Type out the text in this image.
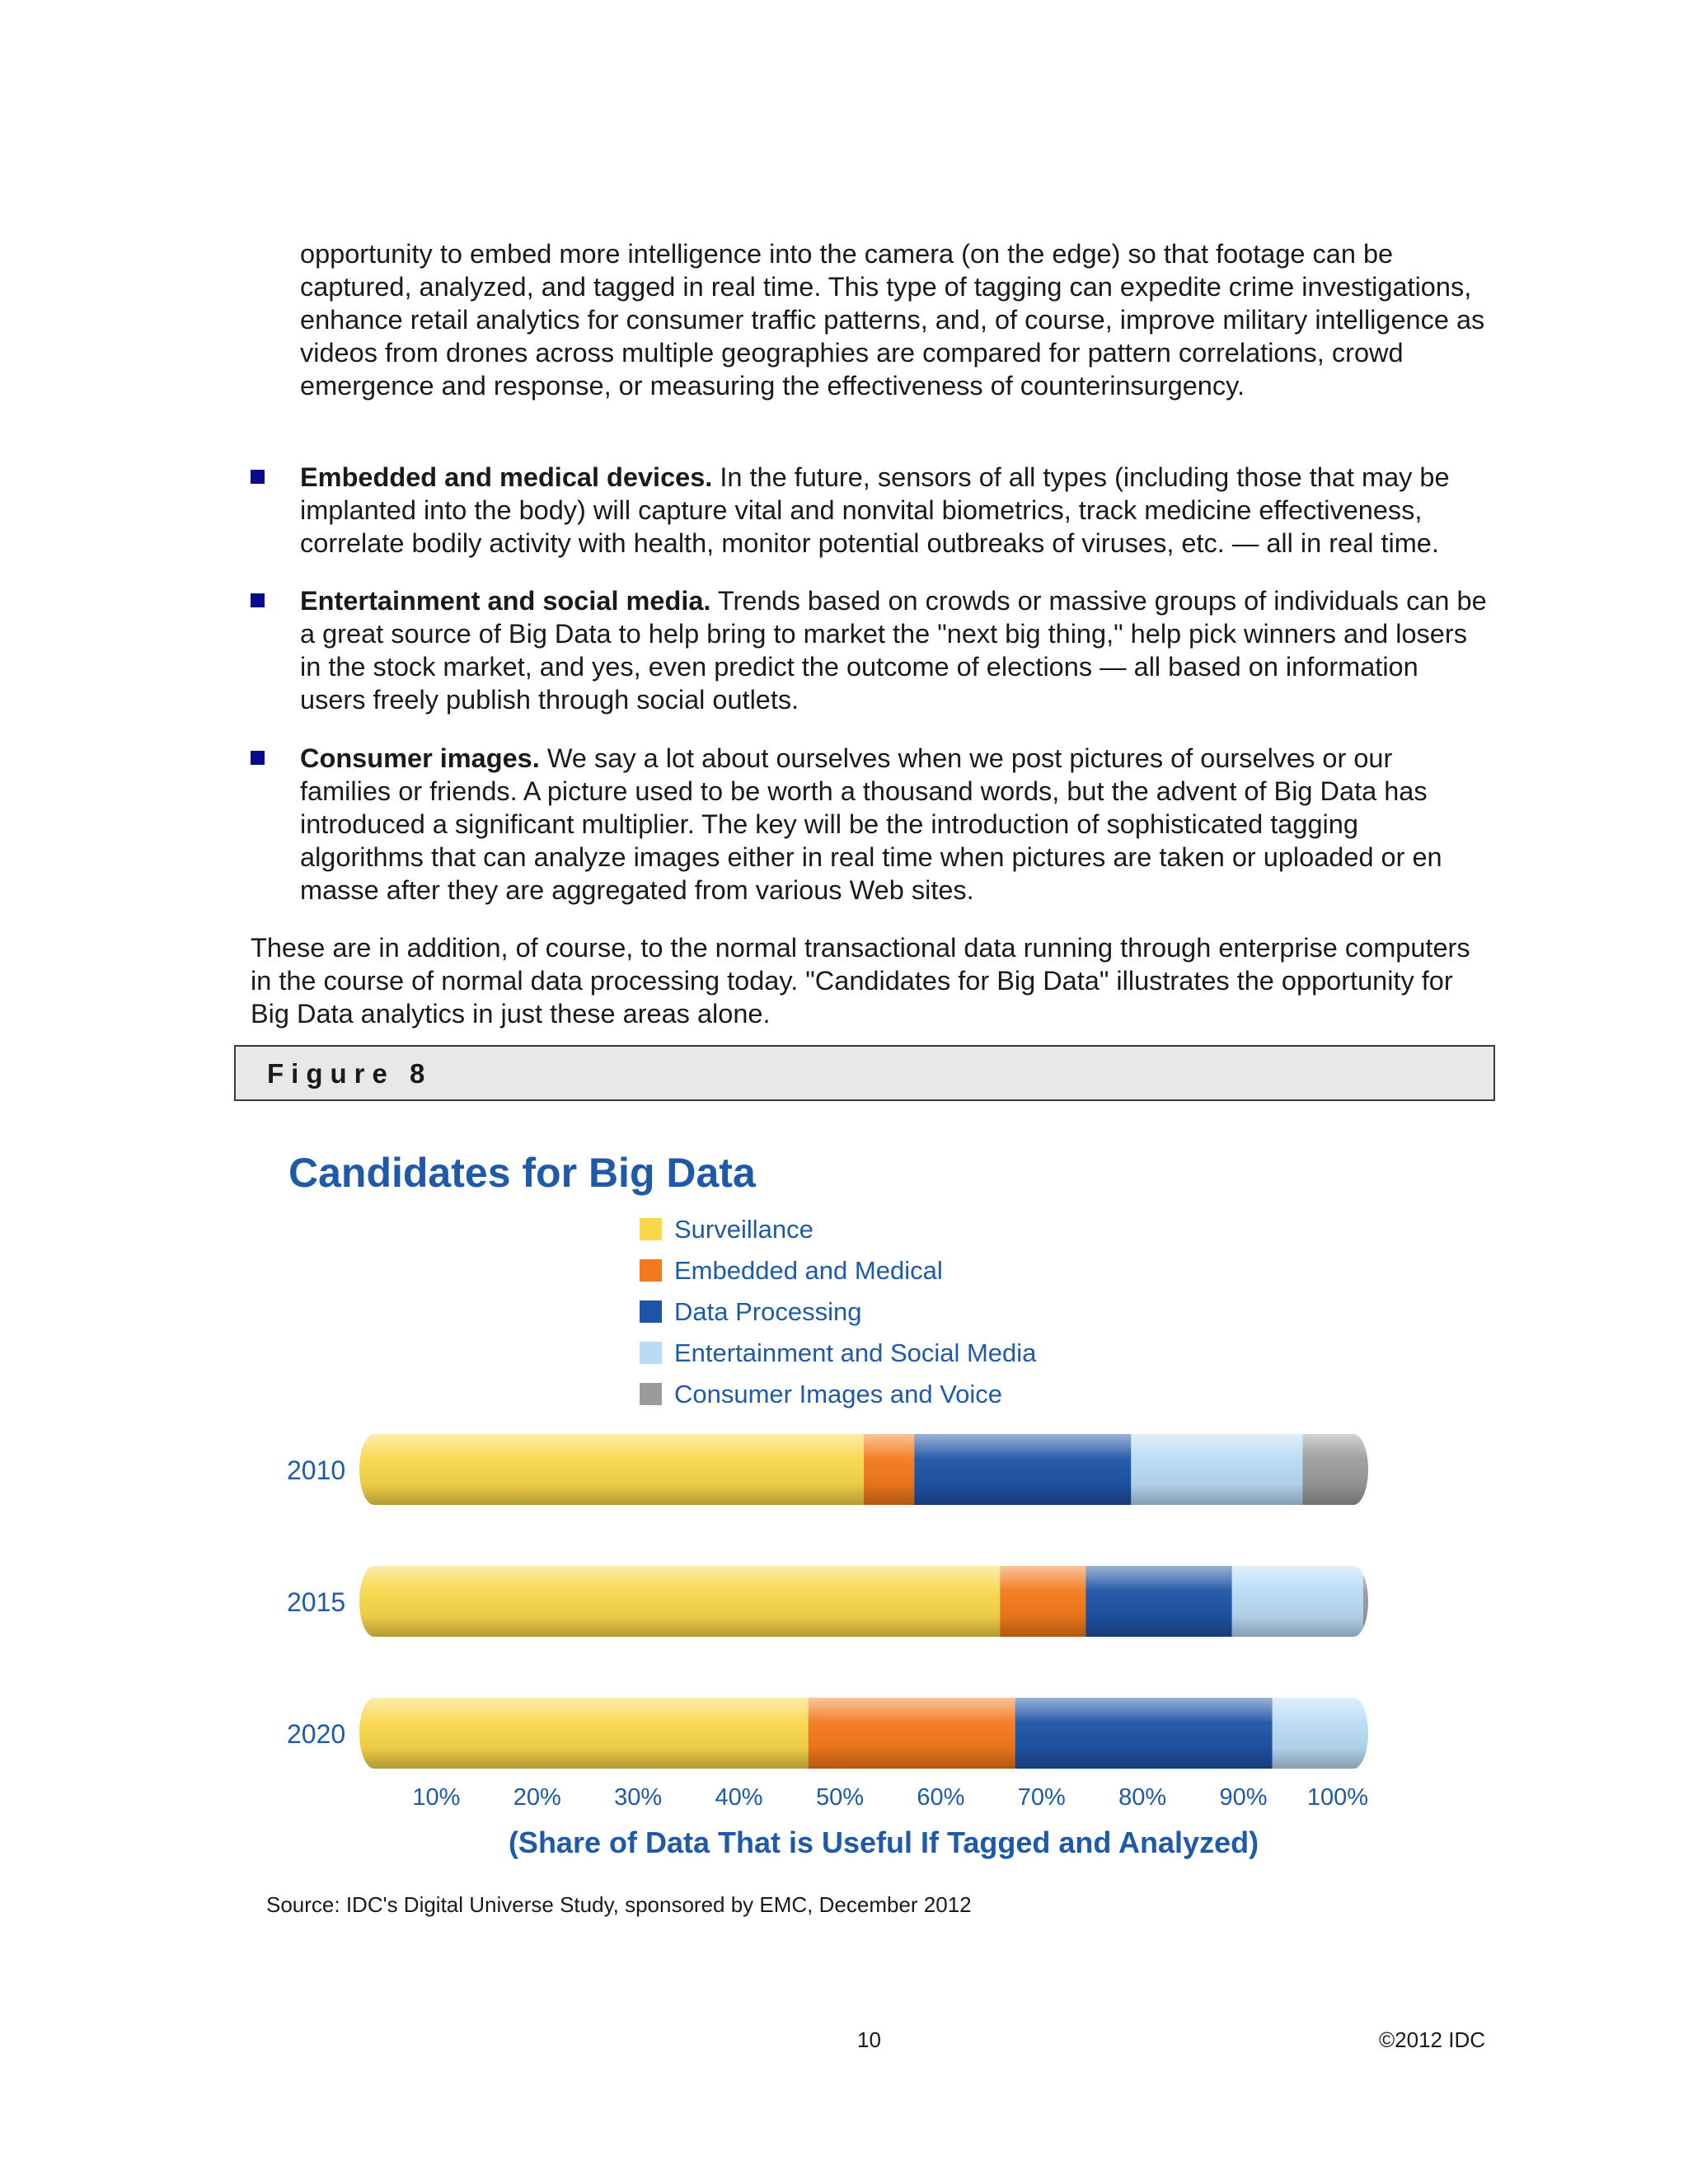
opportunity to embed more intelligence into the camera (on the edge) so that footage can be captured, analyzed, and tagged in real time. This type of tagging can expedite crime investigations, enhance retail analytics for consumer traffic patterns, and, of course, improve military intelligence as videos from drones across multiple geographies are compared for pattern correlations, crowd emergence and response, or measuring the effectiveness of counterinsurgency.
Embedded and medical devices. In the future, sensors of all types (including those that may be implanted into the body) will capture vital and nonvital biometrics, track medicine effectiveness, correlate bodily activity with health, monitor potential outbreaks of viruses, etc. — all in real time.
Entertainment and social media. Trends based on crowds or massive groups of individuals can be a great source of Big Data to help bring to market the "next big thing," help pick winners and losers in the stock market, and yes, even predict the outcome of elections — all based on information users freely publish through social outlets.
Consumer images. We say a lot about ourselves when we post pictures of ourselves or our families or friends. A picture used to be worth a thousand words, but the advent of Big Data has introduced a significant multiplier. The key will be the introduction of sophisticated tagging algorithms that can analyze images either in real time when pictures are taken or uploaded or en masse after they are aggregated from various Web sites.
These are in addition, of course, to the normal transactional data running through enterprise computers in the course of normal data processing today. "Candidates for Big Data" illustrates the opportunity for Big Data analytics in just these areas alone.
Figure 8
Candidates for Big Data
Surveillance
Embedded and Medical
Data Processing
Entertainment and Social Media
Consumer Images and Voice
2010
2015
2020
10% 20% 30% 40% 50% 60% 70% 80% 90% 100%
(Share of Data That is Useful If Tagged and Analyzed)
Source: IDC's Digital Universe Study, sponsored by EMC, December 2012
10	©2012 IDC
